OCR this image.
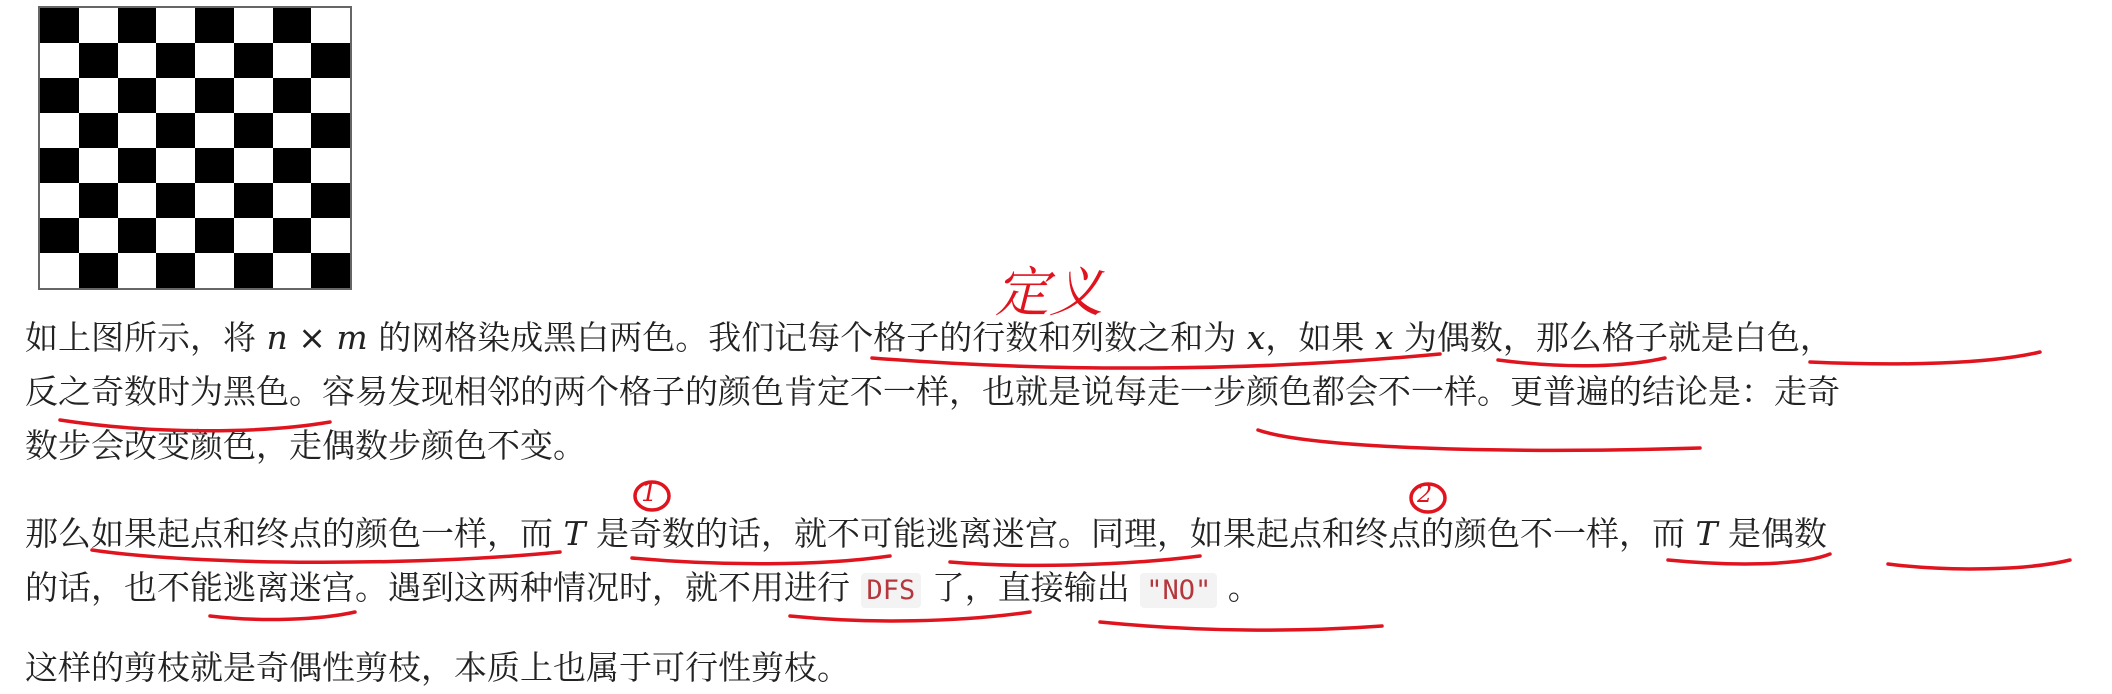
如上图所示，将 n × m 的网格染成黑白两色。我们记每个格子的行数和列数之和为 x，如果 x 为偶数，那么格子就是白色，

反之奇数时为黑色。容易发现相邻的两个格子的颜色肯定不一样，也就是说每走一步颜色都会不一样。更普遍的结论是：走奇

数步会改变颜色，走偶数步颜色不变。

那么如果起点和终点的颜色一样，而 T 是奇数的话，就不可能逃离迷宫。同理，如果起点和终点的颜色不一样，而 T 是偶数

的话，也不能逃离迷宫。遇到这两种情况时，就不用进行 DFS 了，直接输出 "NO" 。

这样的剪枝就是奇偶性剪枝，本质上也属于可行性剪枝。

定义
1	2
